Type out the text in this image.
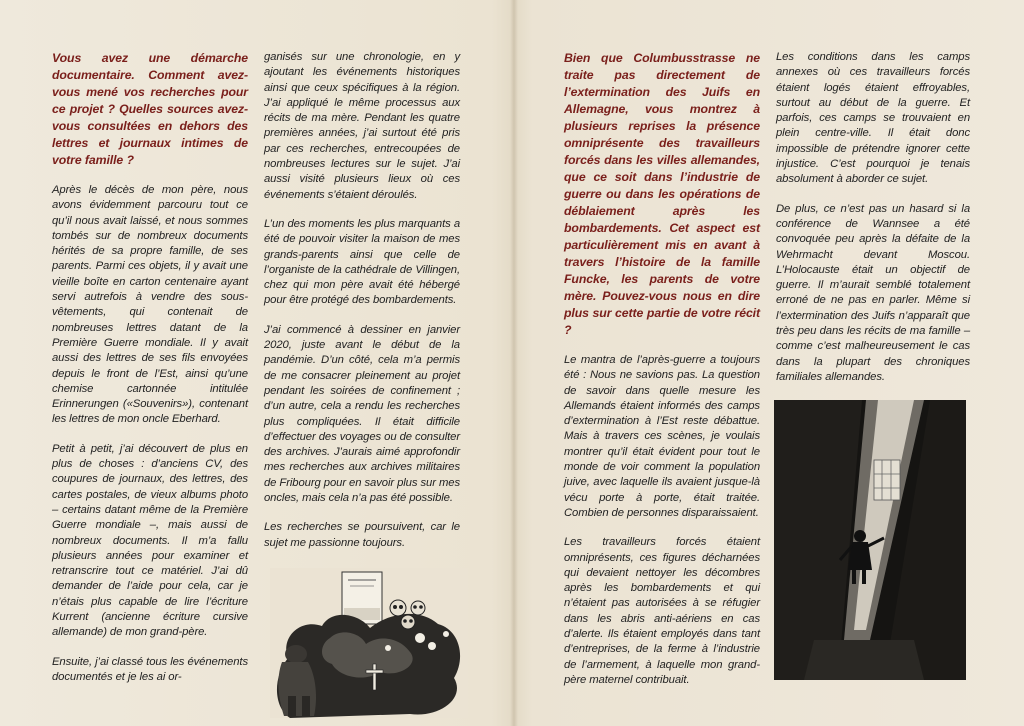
Vous avez une démarche documentaire. Comment avez-vous mené vos recherches pour ce projet ? Quelles sources avez-vous consultées en dehors des lettres et journaux intimes de votre famille ?

Après le décès de mon père, nous avons évidemment parcouru tout ce qu’il nous avait laissé, et nous sommes tombés sur de nombreux documents hérités de sa propre famille, de ses parents. Parmi ces objets, il y avait une vieille boîte en carton centenaire ayant servi autrefois à vendre des sous-vêtements, qui contenait de nombreuses lettres datant de la Première Guerre mondiale. Il y avait aussi des lettres de ses fils envoyées depuis le front de l’Est, ainsi qu’une chemise cartonnée intitulée Erinnerungen («Souvenirs»), contenant les lettres de mon oncle Eberhard.

Petit à petit, j’ai découvert de plus en plus de choses : d’anciens CV, des coupures de journaux, des lettres, des cartes postales, de vieux albums photo – certains datant même de la Première Guerre mondiale –, mais aussi de nombreux documents. Il m’a fallu plusieurs années pour examiner et retranscrire tout ce matériel. J’ai dû demander de l’aide pour cela, car je n’étais plus capable de lire l’écriture Kurrent (ancienne écriture cursive allemande) de mon grand-père.

Ensuite, j’ai classé tous les événements documentés et je les ai or-

ganisés sur une chronologie, en y ajoutant les événements historiques ainsi que ceux spécifiques à la région. J’ai appliqué le même processus aux récits de ma mère. Pendant les quatre premières années, j’ai surtout été pris par ces recherches, entrecoupées de nombreuses lectures sur le sujet. J’ai aussi visité plusieurs lieux où ces événements s’étaient déroulés.

L’un des moments les plus marquants a été de pouvoir visiter la maison de mes grands-parents ainsi que celle de l’organiste de la cathédrale de Villingen, chez qui mon père avait été hébergé pour être protégé des bombardements.

J’ai commencé à dessiner en janvier 2020, juste avant le début de la pandémie. D’un côté, cela m’a permis de me consacrer pleinement au projet pendant les soirées de confinement ; d’un autre, cela a rendu les recherches plus compliquées. Il était difficile d’effectuer des voyages ou de consulter des archives. J’aurais aimé approfondir mes recherches aux archives militaires de Fribourg pour en savoir plus sur mes oncles, mais cela n’a pas été possible.

Les recherches se poursuivent, car le sujet me passionne toujours.

Bien que Columbusstrasse ne traite pas directement de l’extermination des Juifs en Allemagne, vous montrez à plusieurs reprises la présence omniprésente des travailleurs forcés dans les villes allemandes, que ce soit dans l’industrie de guerre ou dans les opérations de déblaiement après les bombardements. Cet aspect est particulièrement mis en avant à travers l’histoire de la famille Funcke, les parents de votre mère. Pouvez-vous nous en dire plus sur cette partie de votre récit ?

Le mantra de l’après-guerre a toujours été : Nous ne savions pas. La question de savoir dans quelle mesure les Allemands étaient informés des camps d’extermination à l’Est reste débattue. Mais à travers ces scènes, je voulais montrer qu’il était évident pour tout le monde de voir comment la population juive, avec laquelle ils avaient jusque-là vécu porte à porte, était traitée. Combien de personnes disparaissaient.

Les travailleurs forcés étaient omniprésents, ces figures décharnées qui devaient nettoyer les décombres après les bombardements et qui n’étaient pas autorisées à se réfugier dans les abris anti-aériens en cas d’alerte. Ils étaient employés dans tant d’entreprises, de la ferme à l’industrie de l’armement, à laquelle mon grand-père maternel contribuait.

Les conditions dans les camps annexes où ces travailleurs forcés étaient logés étaient effroyables, surtout au début de la guerre. Et parfois, ces camps se trouvaient en plein centre-ville. Il était donc impossible de prétendre ignorer cette injustice. C’est pourquoi je tenais absolument à aborder ce sujet.

De plus, ce n’est pas un hasard si la conférence de Wannsee a été convoquée peu après la défaite de la Wehrmacht devant Moscou. L’Holocauste était un objectif de guerre. Il m’aurait semblé totalement erroné de ne pas en parler. Même si l’extermination des Juifs n’apparaît que très peu dans les récits de ma famille – comme c’est malheureusement le cas dans la plupart des chroniques familiales allemandes.
